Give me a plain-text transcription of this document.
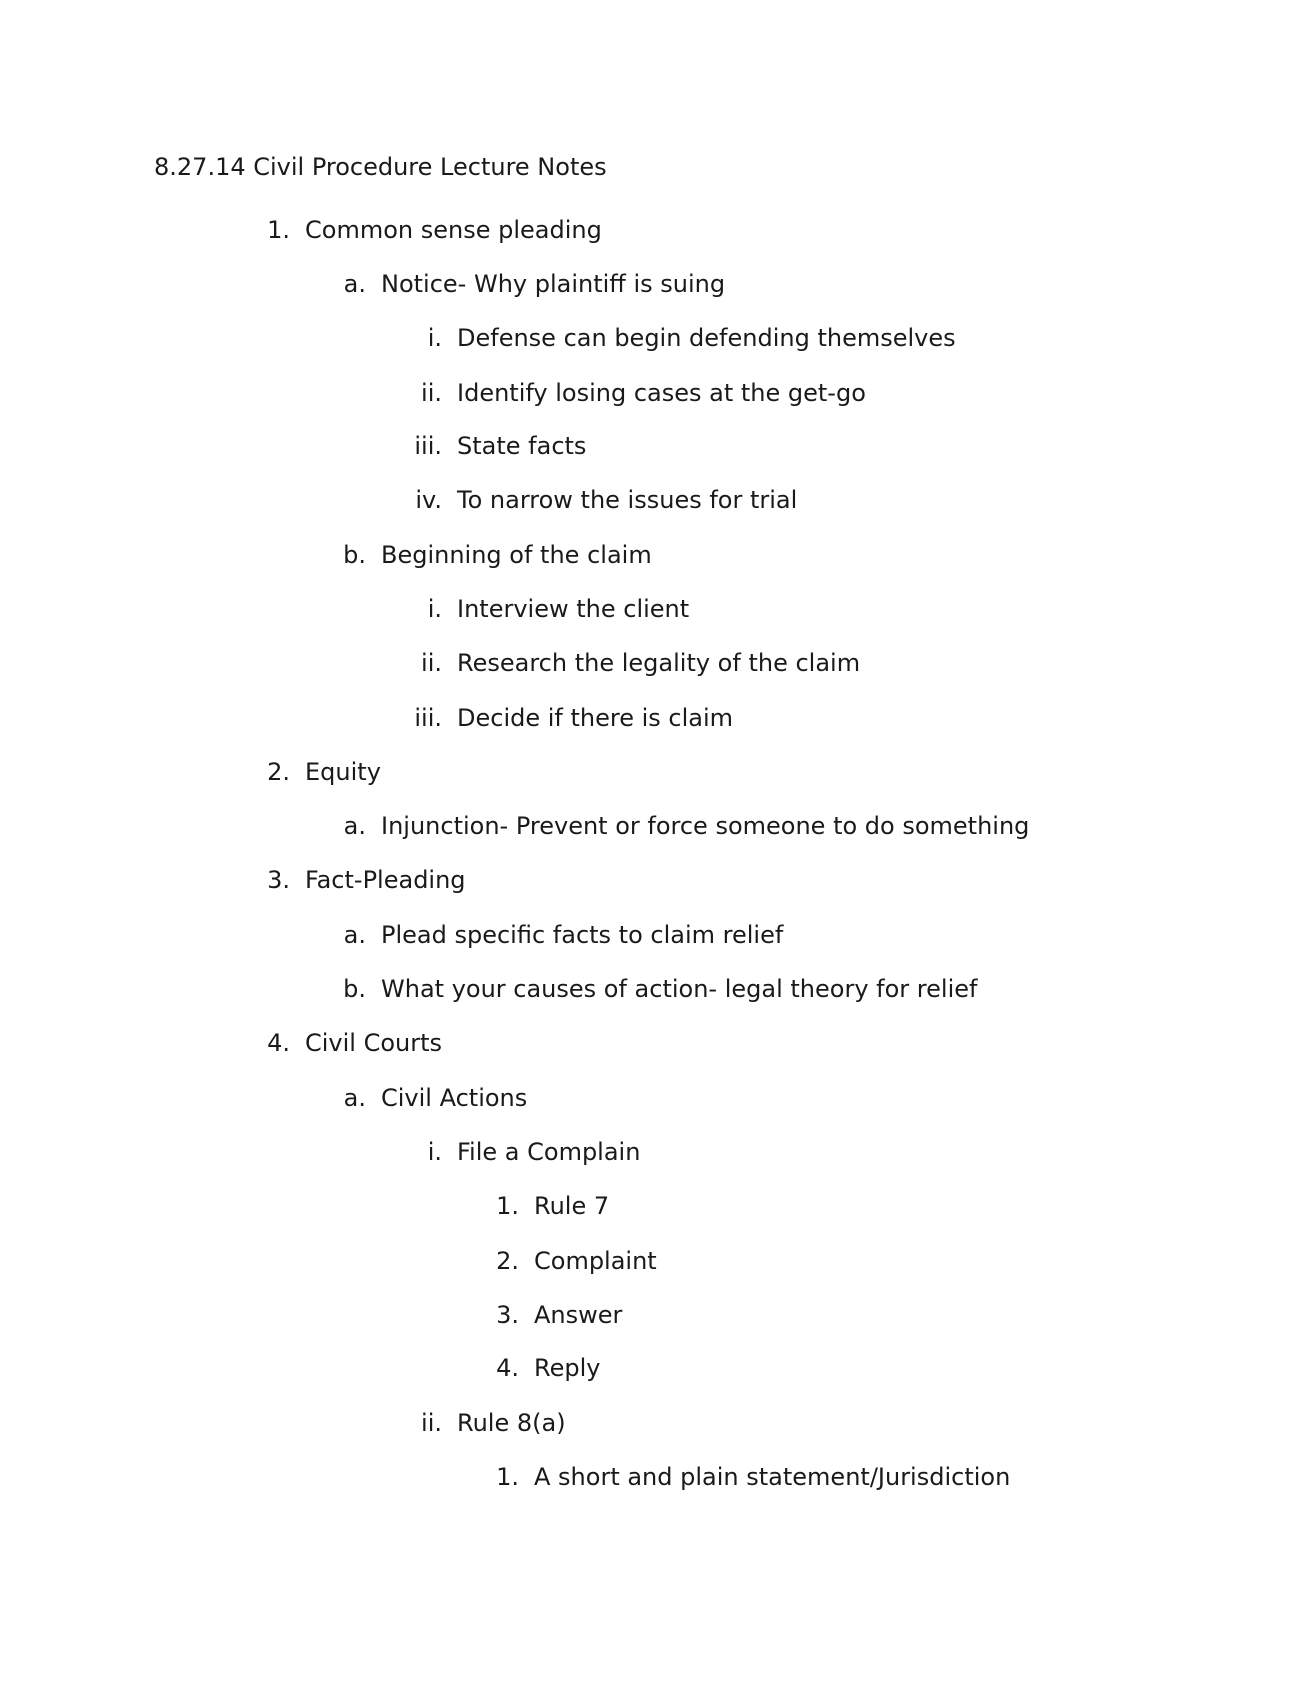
8.27.14 Civil Procedure Lecture Notes
1. Common sense pleading
a. Notice- Why plaintiff is suing
i. Defense can begin defending themselves
ii. Identify losing cases at the get-go
iii. State facts
iv. To narrow the issues for trial
b. Beginning of the claim
i. Interview the client
ii. Research the legality of the claim
iii. Decide if there is claim
2. Equity
a. Injunction- Prevent or force someone to do something
3. Fact-Pleading
a. Plead specific facts to claim relief
b. What your causes of action- legal theory for relief
4. Civil Courts
a. Civil Actions
i. File a Complain
1. Rule 7
2. Complaint
3. Answer
4. Reply
ii. Rule 8(a)
1. A short and plain statement/Jurisdiction
